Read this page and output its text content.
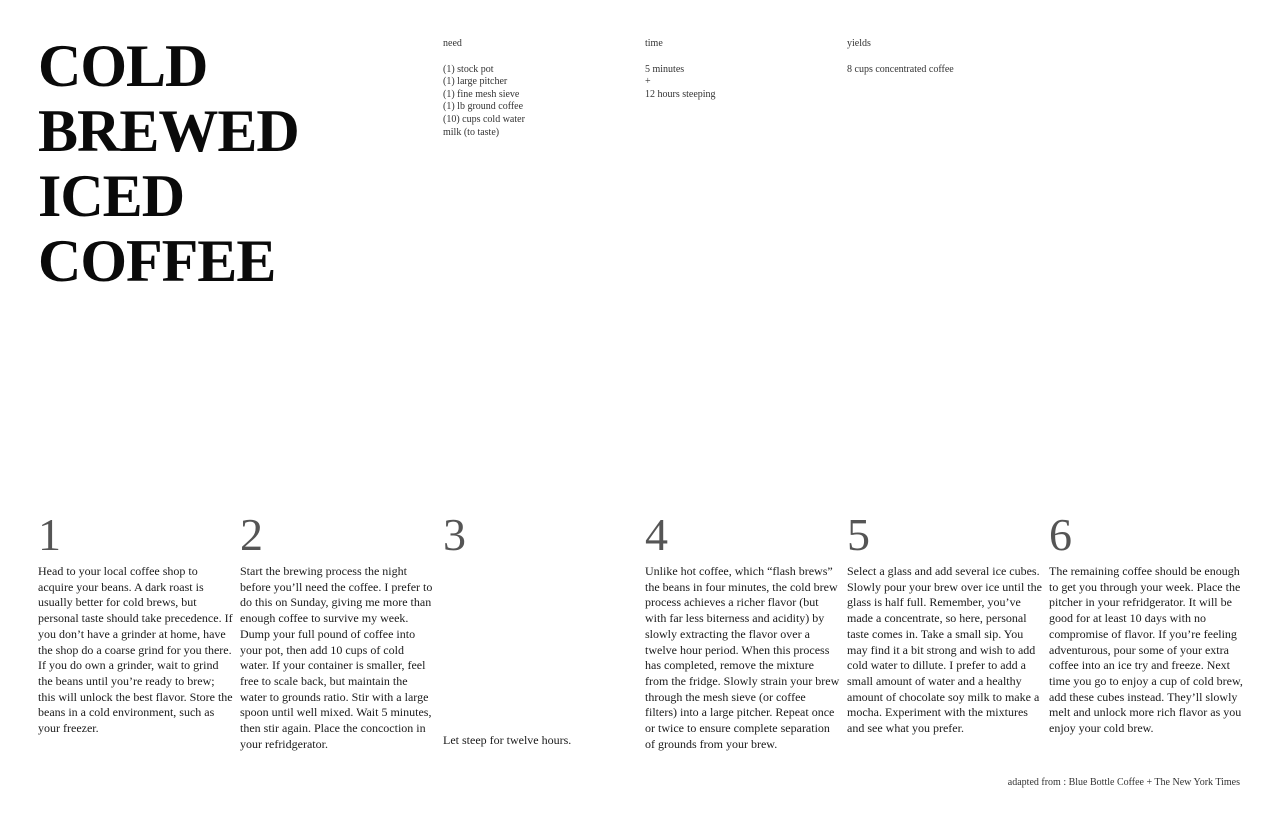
COLD
BREWED
ICED
COFFEE
need
(1) stock pot
(1) large pitcher
(1) fine mesh sieve
(1) lb ground coffee
(10) cups cold water
milk (to taste)
time
5 minutes
+
12 hours steeping
yields
8 cups concentrated coffee
1
Head to your local coffee shop to acquire your beans. A dark roast is usually better for cold brews, but personal taste should take precedence. If you don’t have a grinder at home, have the shop do a coarse grind for you there. If you do own a grinder, wait to grind the beans until you’re ready to brew; this will unlock the best flavor. Store the beans in a cold environment, such as your freezer.
2
Start the brewing process the night before you’ll need the coffee. I prefer to do this on Sunday, giving me more than enough coffee to survive my week. Dump your full pound of coffee into your pot, then add 10 cups of cold water. If your container is smaller, feel free to scale back, but maintain the water to grounds ratio. Stir with a large spoon until well mixed. Wait 5 minutes, then stir again. Place the concoction in your refridgerator.
3
Let steep for twelve hours.
4
Unlike hot coffee, which “flash brews” the beans in four minutes, the cold brew process achieves a richer flavor (but with far less biterness and acidity) by slowly extracting the flavor over a twelve hour period. When this process has completed, remove the mixture from the fridge. Slowly strain your brew through the mesh sieve (or coffee filters) into a large pitcher. Repeat once or twice to ensure complete separation of grounds from your brew.
5
Select a glass and add several ice cubes. Slowly pour your brew over ice until the glass is half full. Remember, you’ve made a concentrate, so here, personal taste comes in. Take a small sip. You may find it a bit strong and wish to add cold water to dillute. I prefer to add a small amount of water and a healthy amount of chocolate soy milk to make a mocha. Experiment with the mixtures and see what you prefer.
6
The remaining coffee should be enough to get you through your week. Place the pitcher in your refridgerator. It will be good for at least 10 days with no compromise of flavor. If you’re feeling adventurous, pour some of your extra coffee into an ice try and freeze. Next time you go to enjoy a cup of cold brew, add these cubes instead. They’ll slowly melt and unlock more rich flavor as you enjoy your cold brew.
adapted from : Blue Bottle Coffee + The New York Times
